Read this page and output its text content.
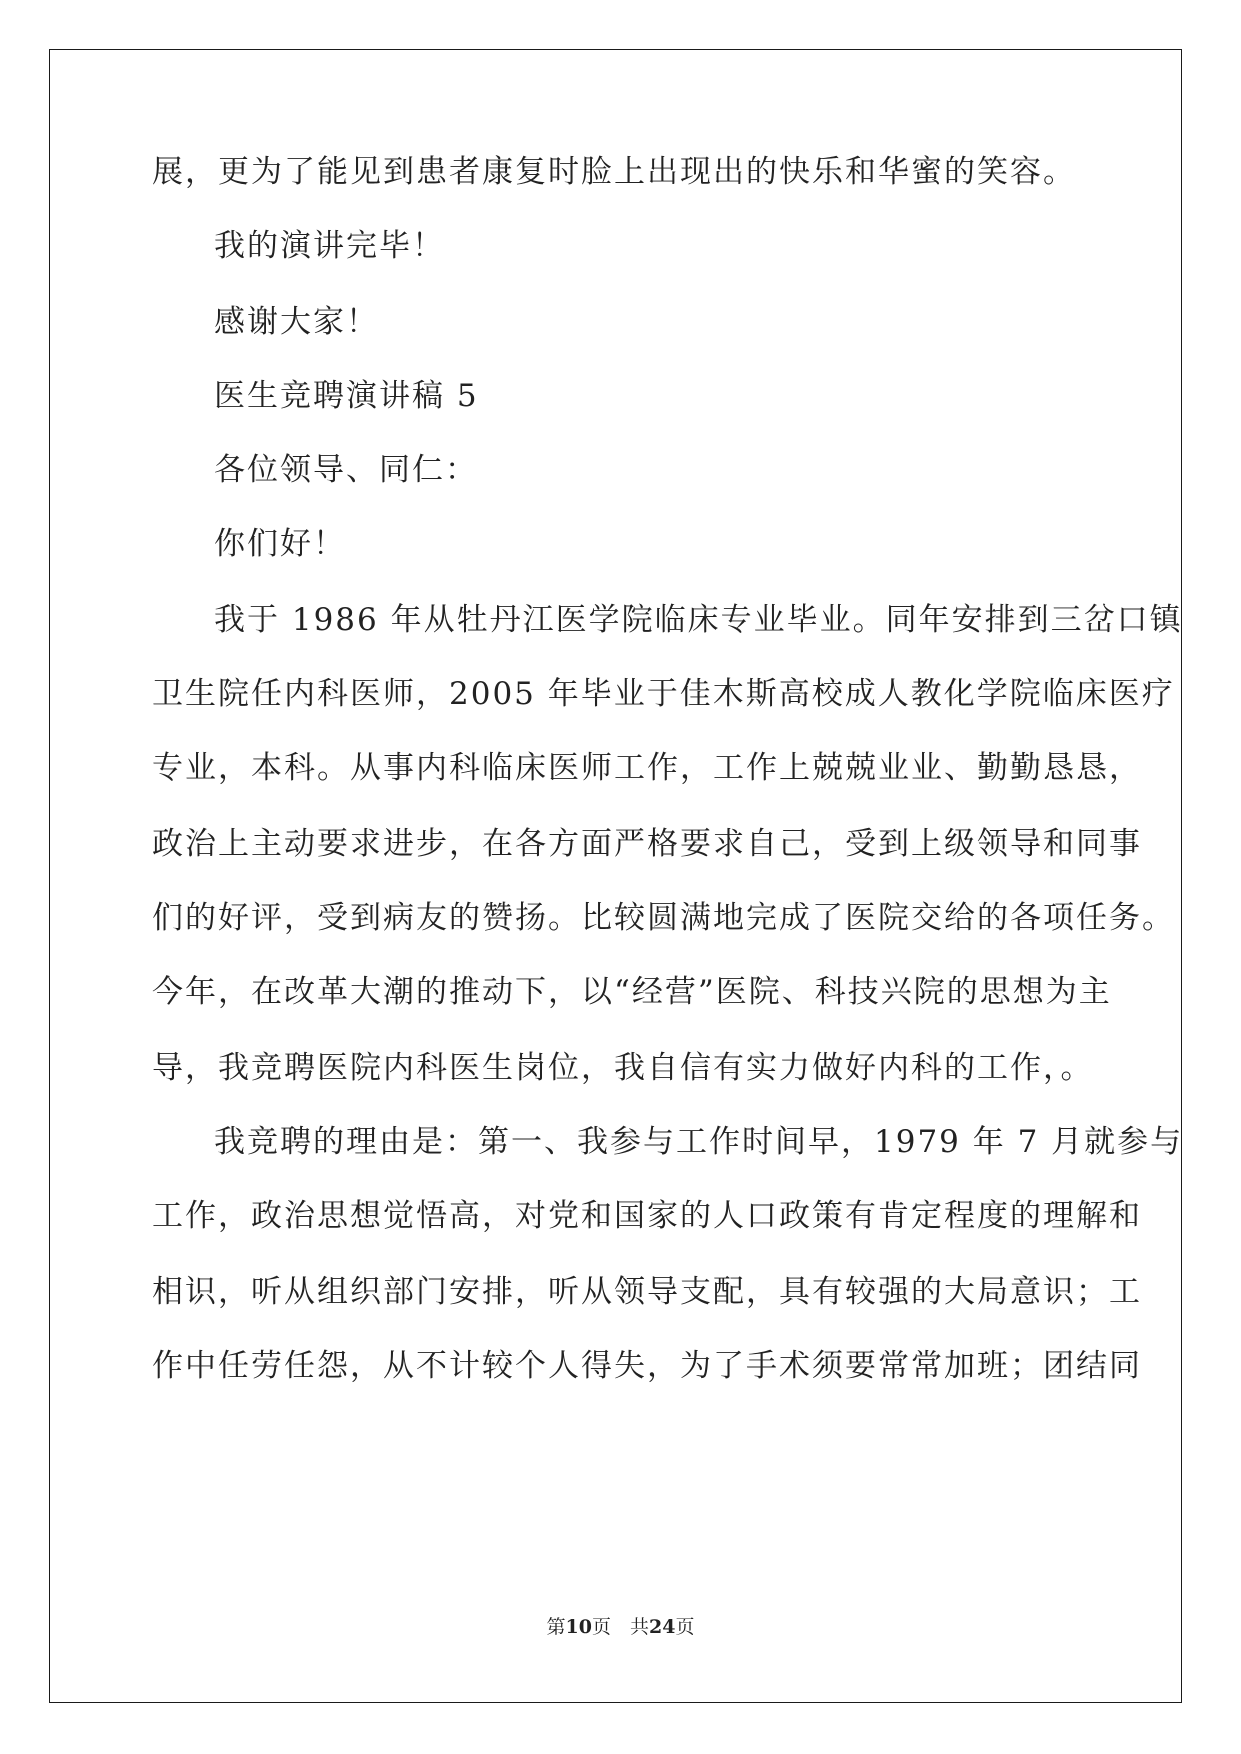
展，更为了能见到患者康复时脸上出现出的快乐和华蜜的笑容。
我的演讲完毕！
感谢大家！
医生竞聘演讲稿 5
各位领导、同仁：
你们好！
我于 1986 年从牡丹江医学院临床专业毕业。同年安排到三岔口镇
卫生院任内科医师，2005 年毕业于佳木斯高校成人教化学院临床医疗
专业，本科。从事内科临床医师工作，工作上兢兢业业、勤勤恳恳，
政治上主动要求进步，在各方面严格要求自己，受到上级领导和同事
们的好评，受到病友的赞扬。比较圆满地完成了医院交给的各项任务。
今年，在改革大潮的推动下，以“经营”医院、科技兴院的思想为主
导，我竞聘医院内科医生岗位，我自信有实力做好内科的工作，。
我竞聘的理由是：第一、我参与工作时间早，1979 年 7 月就参与
工作，政治思想觉悟高，对党和国家的人口政策有肯定程度的理解和
相识，听从组织部门安排，听从领导支配，具有较强的大局意识；工
作中任劳任怨，从不计较个人得失，为了手术须要常常加班；团结同
第10页　共24页
